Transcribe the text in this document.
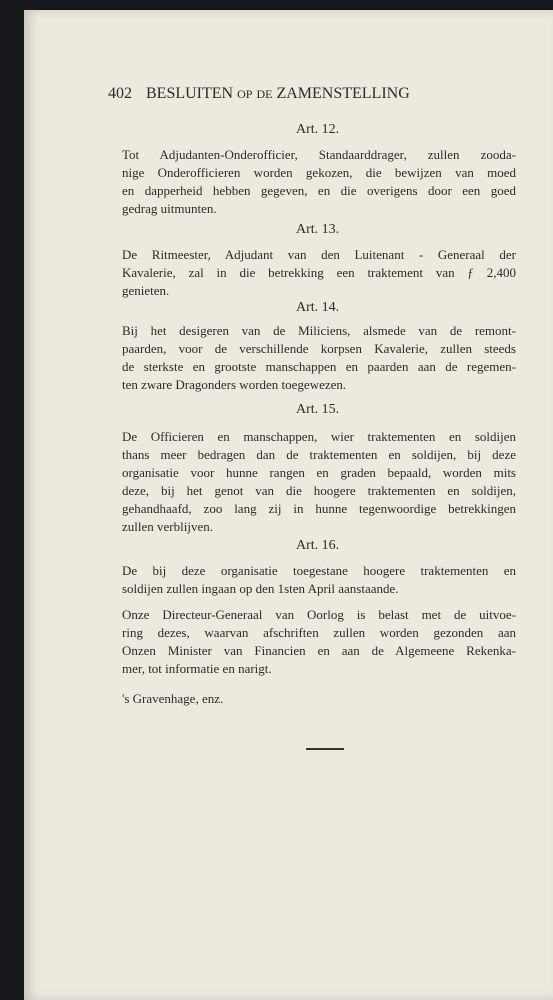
402 BESLUITEN OP DE ZAMENSTELLING
Art. 12.
Tot Adjudanten-Onderofficier, Standaarddrager, zullen zooda-
nige Onderofficieren worden gekozen, die bewijzen van moed
en dapperheid hebben gegeven, en die overigens door een goed
gedrag uitmunten.
Art. 13.
De Ritmeester, Adjudant van den Luitenant - Generaal der
Kavalerie, zal in die betrekking een traktement van ƒ 2,400
genieten.
Art. 14.
Bij het desigeren van de Miliciens, alsmede van de remont-
paarden, voor de verschillende korpsen Kavalerie, zullen steeds
de sterkste en grootste manschappen en paarden aan de regemen-
ten zware Dragonders worden toegewezen.
Art. 15.
De Officieren en manschappen, wier traktementen en soldijen
thans meer bedragen dan de traktementen en soldijen, bij deze
organisatie voor hunne rangen en graden bepaald, worden mits
deze, bij het genot van die hoogere traktementen en soldijen,
gehandhaafd, zoo lang zij in hunne tegenwoordige betrekkingen
zullen verblijven.
Art. 16.
De bij deze organisatie toegestane hoogere traktementen en
soldijen zullen ingaan op den 1sten April aanstaande.
Onze Directeur-Generaal van Oorlog is belast met de uitvoe-
ring dezes, waarvan afschriften zullen worden gezonden aan
Onzen Minister van Financien en aan de Algemeene Rekenka-
mer, tot informatie en narigt.
's Gravenhage, enz.
